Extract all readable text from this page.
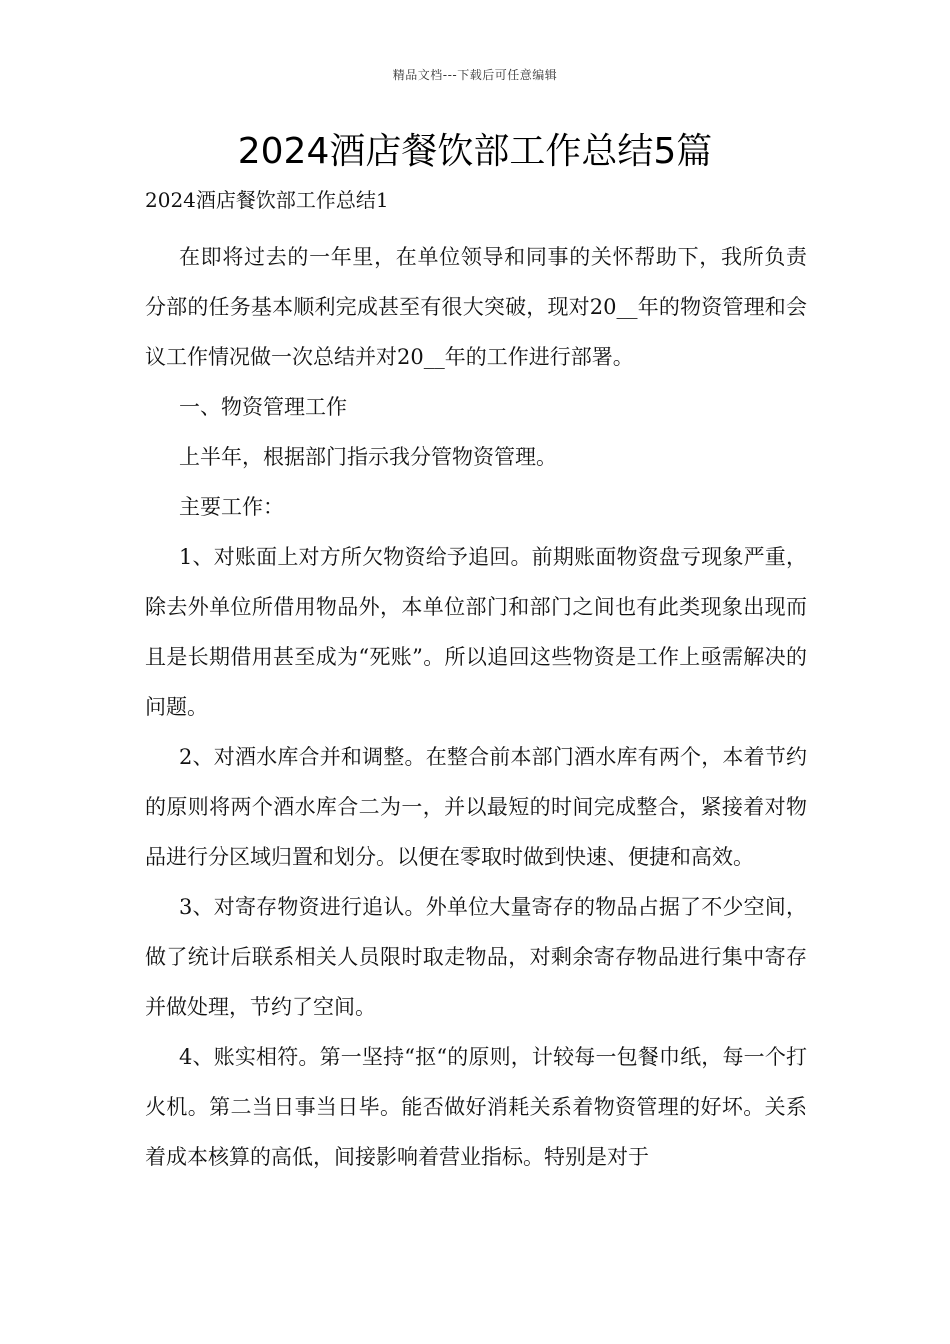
精品文档---下载后可任意编辑
2024酒店餐饮部工作总结5篇

2024酒店餐饮部工作总结1

在即将过去的一年里，在单位领导和同事的关怀帮助下，我所负责分部的任务基本顺利完成甚至有很大突破，现对20__年的物资管理和会议工作情况做一次总结并对20__年的工作进行部署。

一、物资管理工作

上半年，根据部门指示我分管物资管理。

主要工作：

1、对账面上对方所欠物资给予追回。前期账面物资盘亏现象严重，除去外单位所借用物品外，本单位部门和部门之间也有此类现象出现而且是长期借用甚至成为“死账”。所以追回这些物资是工作上亟需解决的问题。

2、对酒水库合并和调整。在整合前本部门酒水库有两个，本着节约的原则将两个酒水库合二为一，并以最短的时间完成整合，紧接着对物品进行分区域归置和划分。以便在零取时做到快速、便捷和高效。

3、对寄存物资进行追认。外单位大量寄存的物品占据了不少空间，做了统计后联系相关人员限时取走物品，对剩余寄存物品进行集中寄存并做处理，节约了空间。

4、账实相符。第一坚持“抠“的原则，计较每一包餐巾纸，每一个打火机。第二当日事当日毕。能否做好消耗关系着物资管理的好坏。关系着成本核算的高低，间接影响着营业指标。特别是对于
